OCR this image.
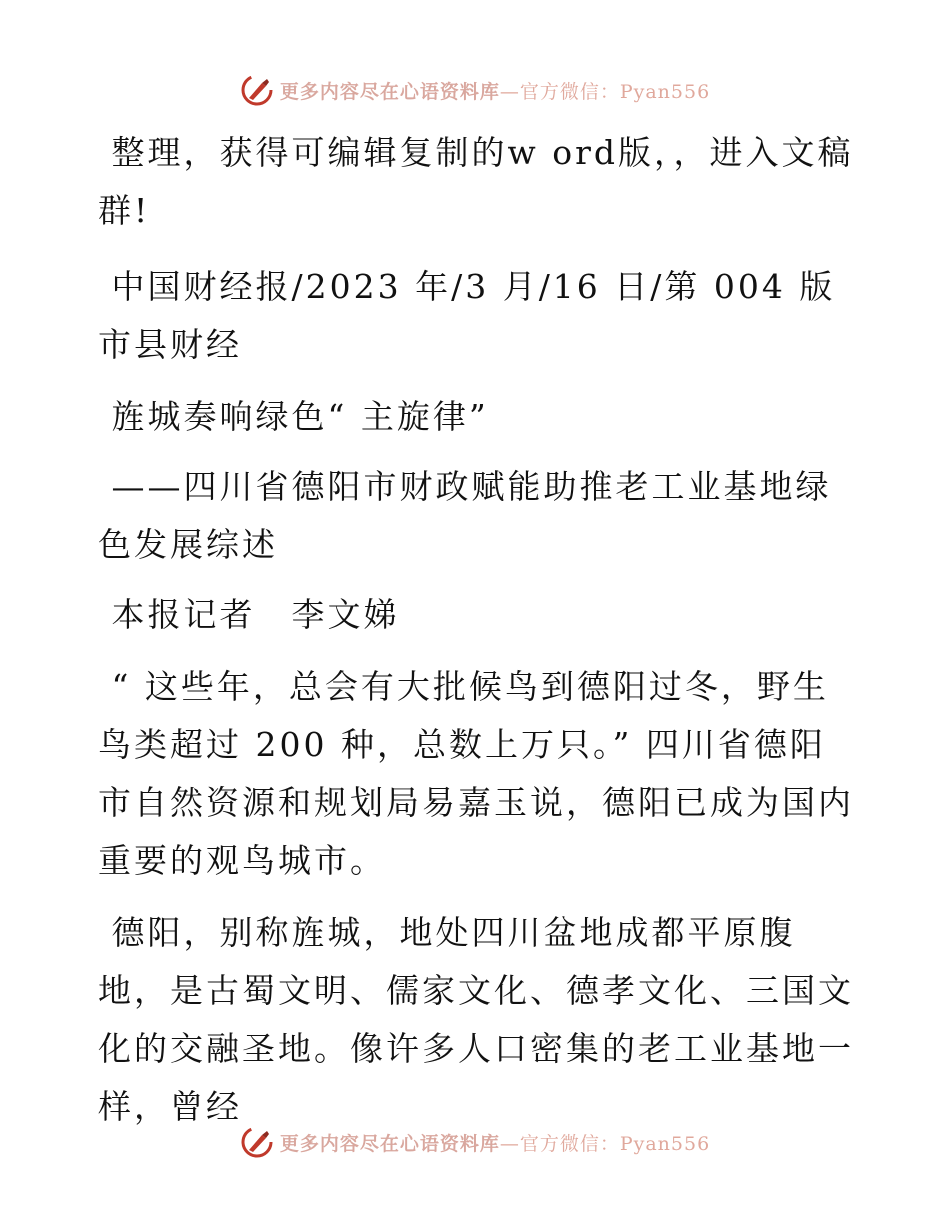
更多内容尽在心语资料库—官方微信：Pyan556

整理，获得可编辑复制的w ord版，，进入文稿群!

中国财经报/2023 年/3 月/16 日/第 004 版市县财经

旌城奏响绿色“ 主旋律”

——四川省德阳市财政赋能助推老工业基地绿色发展综述

本报记者　李文娣

“ 这些年，总会有大批候鸟到德阳过冬，野生鸟类超过 200 种，总数上万只。” 四川省德阳市自然资源和规划局易嘉玉说，德阳已成为国内重要的观鸟城市。

德阳，别称旌城，地处四川盆地成都平原腹地，是古蜀文明、儒家文化、德孝文化、三国文化的交融圣地。像许多人口密集的老工业基地一样，曾经

更多内容尽在心语资料库—官方微信：Pyan556
